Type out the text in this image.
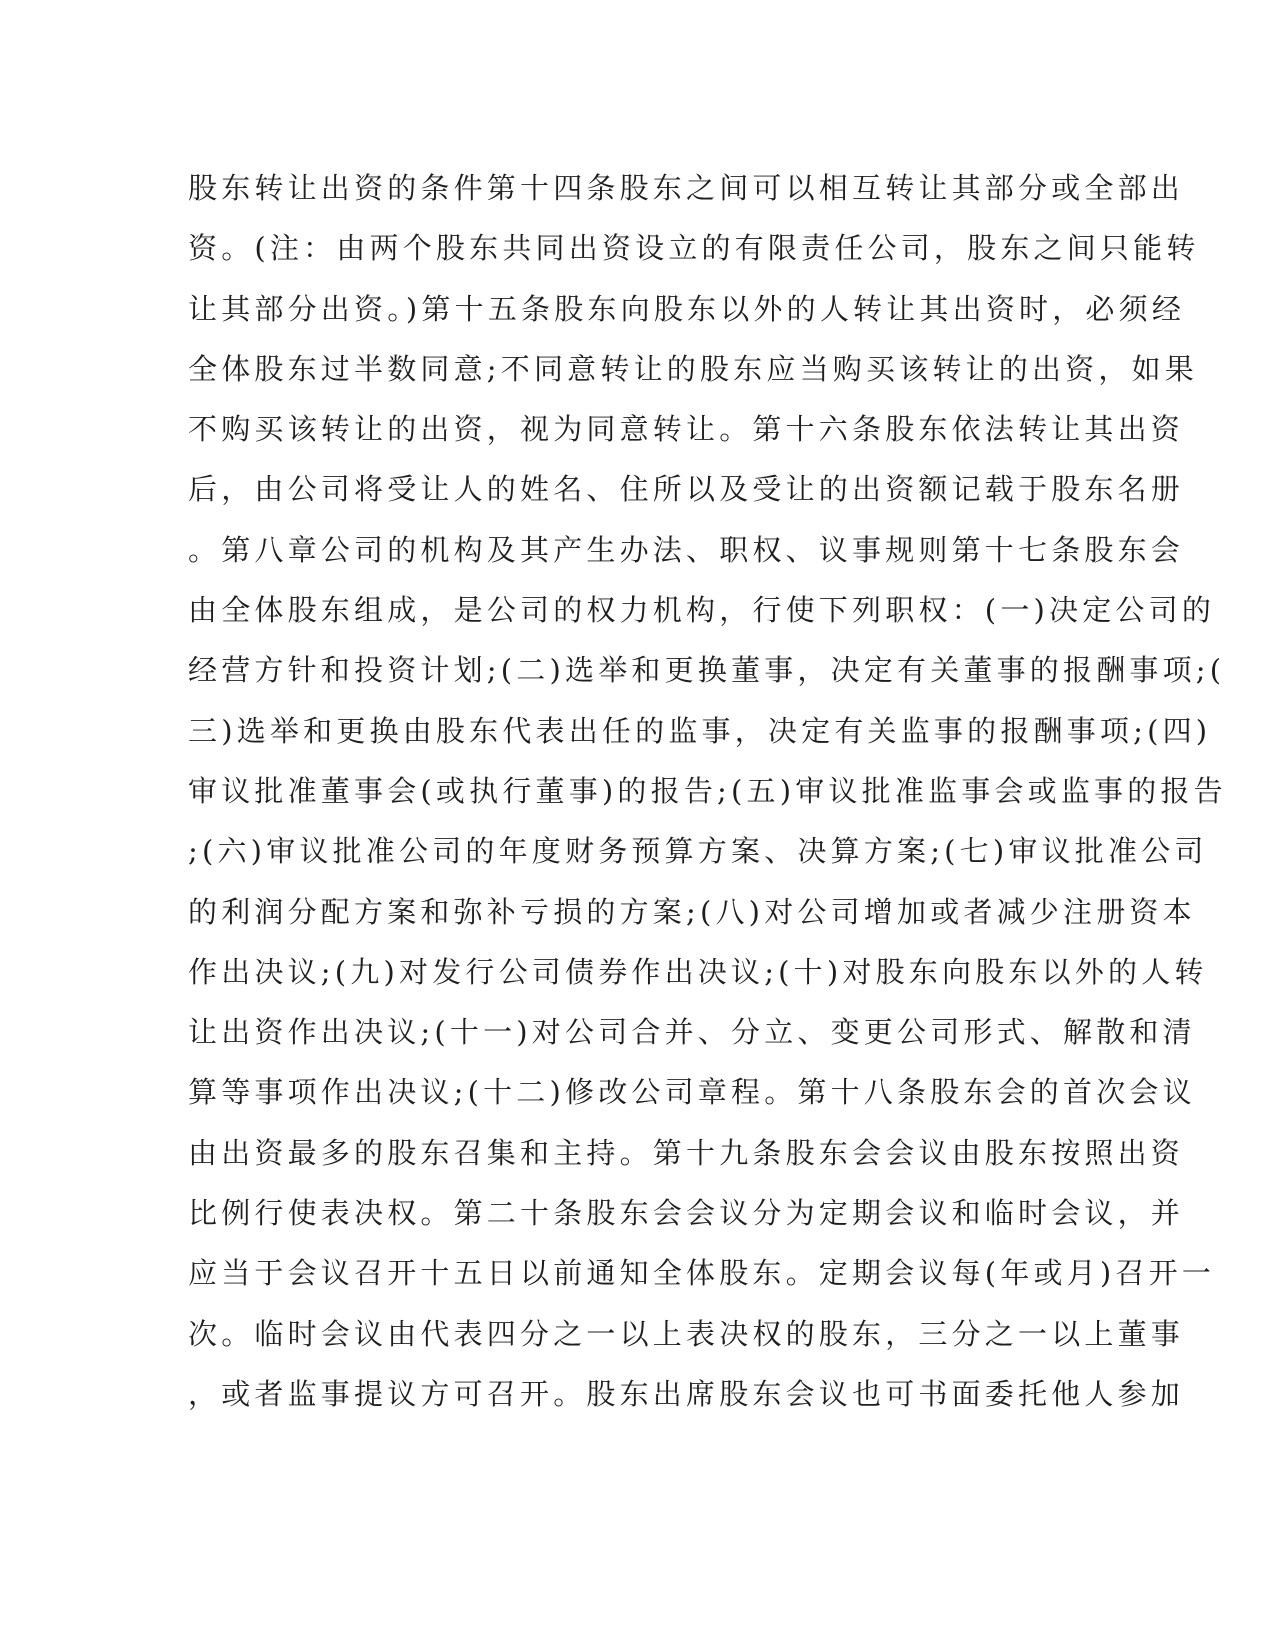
股东转让出资的条件第十四条股东之间可以相互转让其部分或全部出
资。(注：由两个股东共同出资设立的有限责任公司，股东之间只能转
让其部分出资。)第十五条股东向股东以外的人转让其出资时，必须经
全体股东过半数同意;不同意转让的股东应当购买该转让的出资，如果
不购买该转让的出资，视为同意转让。第十六条股东依法转让其出资
后，由公司将受让人的姓名、住所以及受让的出资额记载于股东名册
。第八章公司的机构及其产生办法、职权、议事规则第十七条股东会
由全体股东组成，是公司的权力机构，行使下列职权：(一)决定公司的
经营方针和投资计划;(二)选举和更换董事，决定有关董事的报酬事项;(
三)选举和更换由股东代表出任的监事，决定有关监事的报酬事项;(四)
审议批准董事会(或执行董事)的报告;(五)审议批准监事会或监事的报告
;(六)审议批准公司的年度财务预算方案、决算方案;(七)审议批准公司
的利润分配方案和弥补亏损的方案;(八)对公司增加或者减少注册资本
作出决议;(九)对发行公司债券作出决议;(十)对股东向股东以外的人转
让出资作出决议;(十一)对公司合并、分立、变更公司形式、解散和清
算等事项作出决议;(十二)修改公司章程。第十八条股东会的首次会议
由出资最多的股东召集和主持。第十九条股东会会议由股东按照出资
比例行使表决权。第二十条股东会会议分为定期会议和临时会议，并
应当于会议召开十五日以前通知全体股东。定期会议每(年或月)召开一
次。临时会议由代表四分之一以上表决权的股东，三分之一以上董事
，或者监事提议方可召开。股东出席股东会议也可书面委托他人参加
